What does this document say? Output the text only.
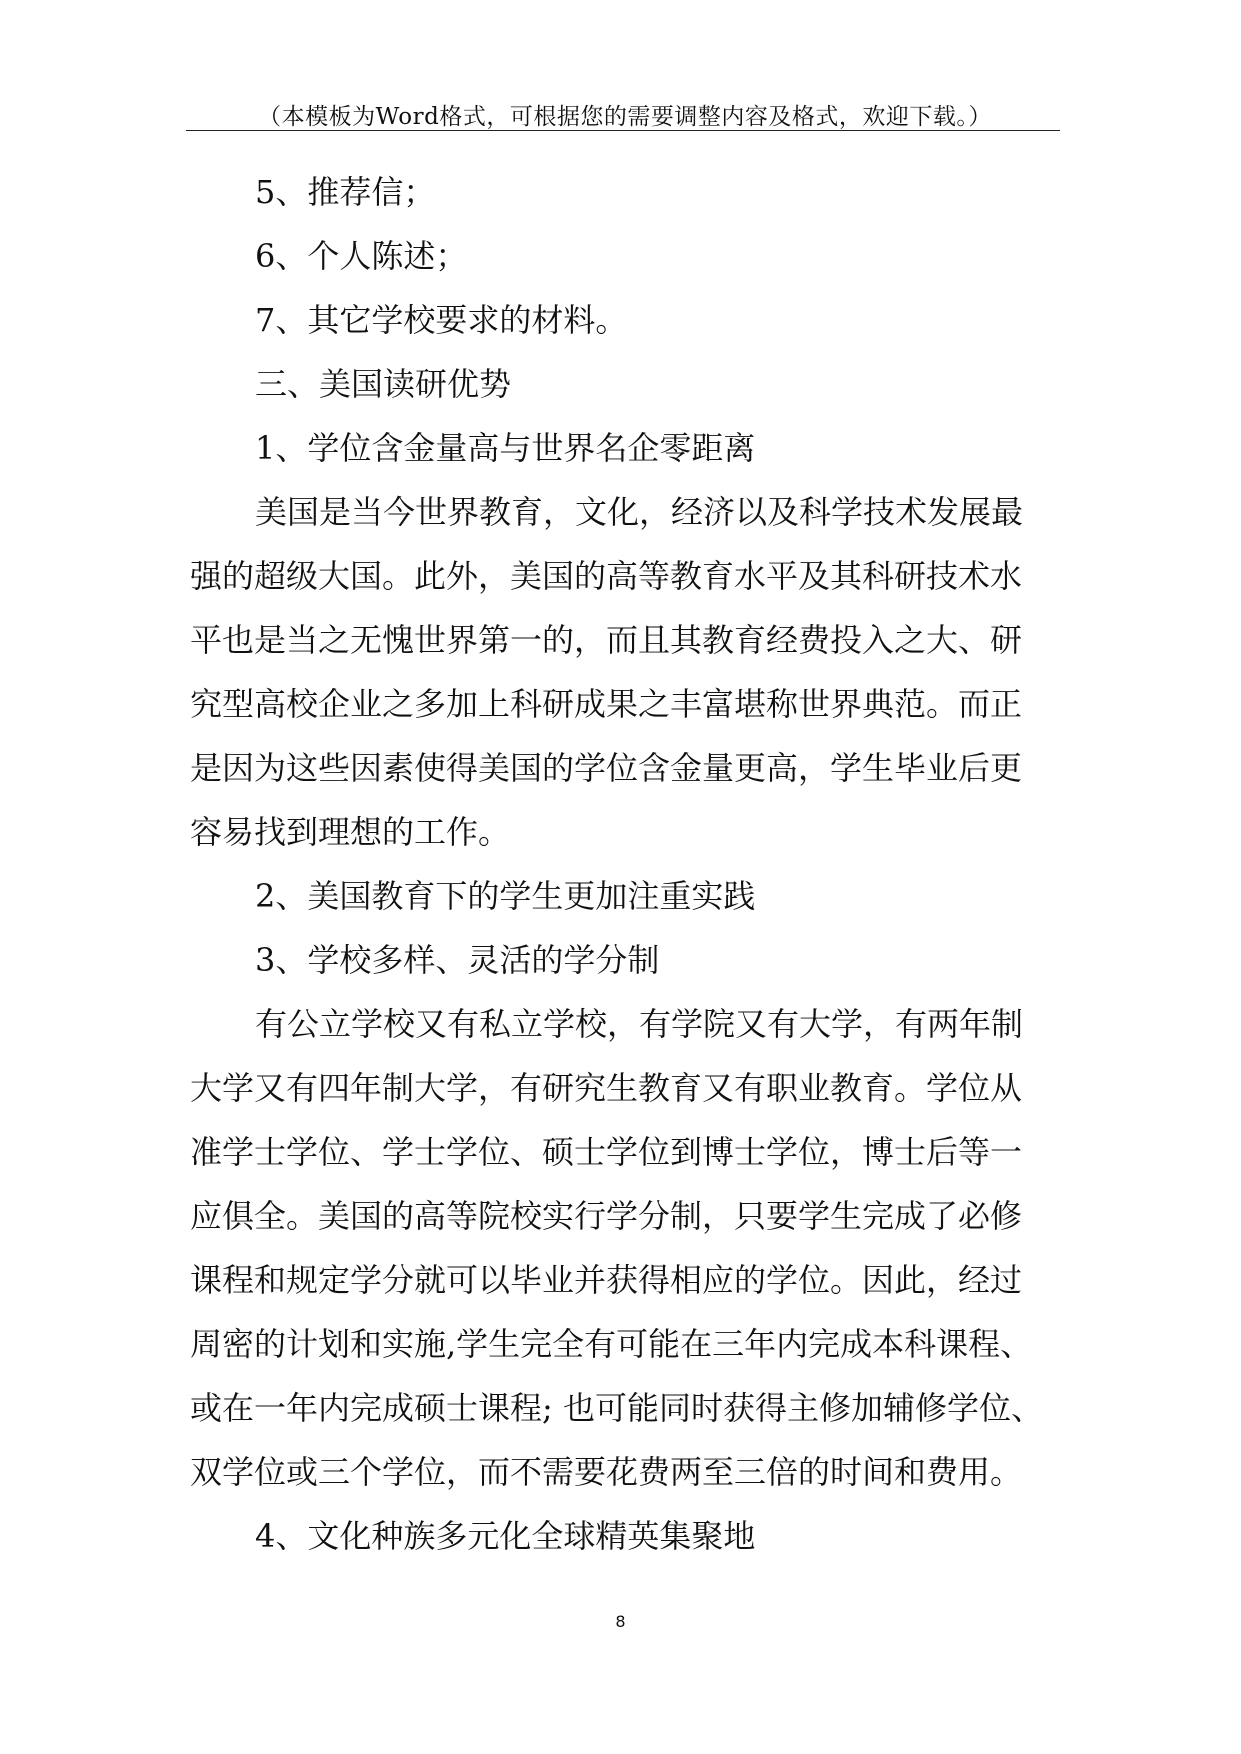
（本模板为Word格式，可根据您的需要调整内容及格式，欢迎下载。）

5、推荐信；

6、个人陈述；

7、其它学校要求的材料。

三、美国读研优势

1、学位含金量高与世界名企零距离

美国是当今世界教育，文化，经济以及科学技术发展最
强的超级大国。此外，美国的高等教育水平及其科研技术水
平也是当之无愧世界第一的，而且其教育经费投入之大、研
究型高校企业之多加上科研成果之丰富堪称世界典范。而正
是因为这些因素使得美国的学位含金量更高，学生毕业后更
容易找到理想的工作。

2、美国教育下的学生更加注重实践

3、学校多样、灵活的学分制

有公立学校又有私立学校，有学院又有大学，有两年制
大学又有四年制大学，有研究生教育又有职业教育。学位从
准学士学位、学士学位、硕士学位到博士学位，博士后等一
应俱全。美国的高等院校实行学分制，只要学生完成了必修
课程和规定学分就可以毕业并获得相应的学位。因此，经过
周密的计划和实施,学生完全有可能在三年内完成本科课程、
或在一年内完成硕士课程; 也可能同时获得主修加辅修学位、
双学位或三个学位，而不需要花费两至三倍的时间和费用。

4、文化种族多元化全球精英集聚地

8
